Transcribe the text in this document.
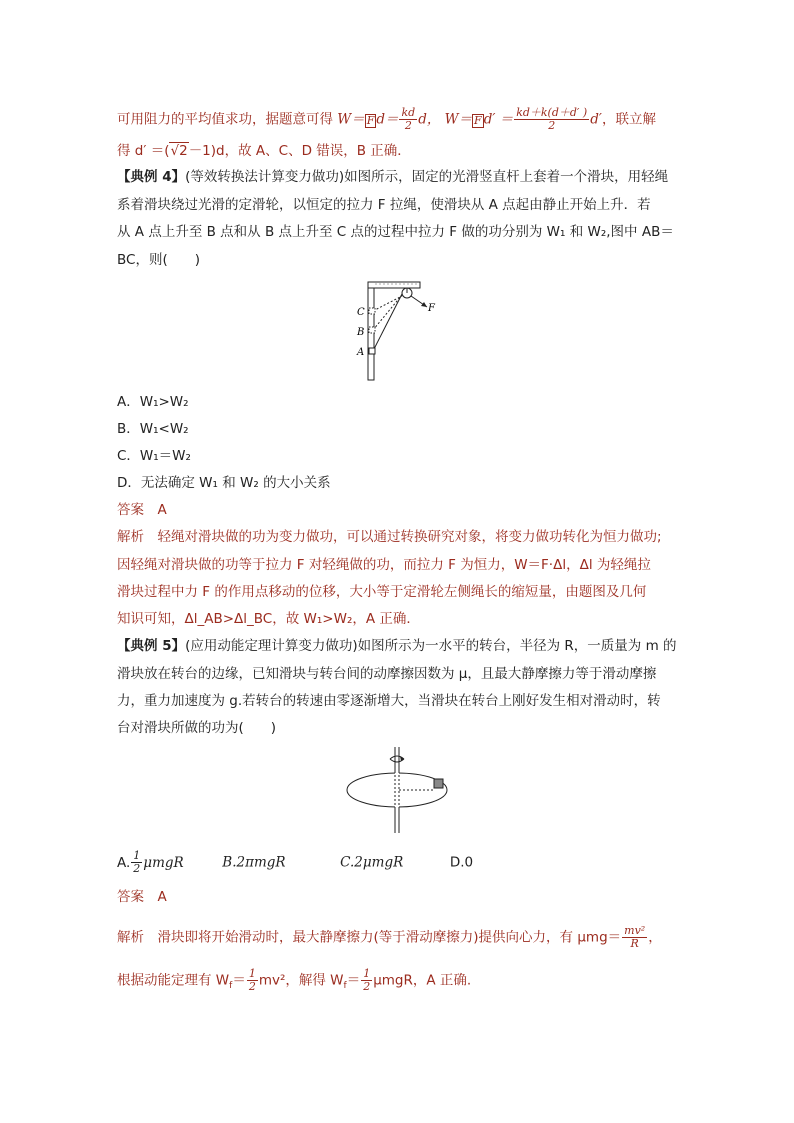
可用阻力的平均值求功，据题意可得 W＝ F $d= \frac{kd}{2}$ d， W＝ F $d' = \frac{kd+k(d+d' )}{2} d'$，联立解
得 d′ ＝(√2－1)d，故 A、C、D 错误，B 正确．
【典例 4】(等效转换法计算变力做功)如图所示，固定的光滑竖直杆上套着一个滑块，用轻绳
系着滑块绕过光滑的定滑轮，以恒定的拉力 F 拉绳，使滑块从 A 点起由静止开始上升．若
从 A 点上升至 B 点和从 B 点上升至 C 点的过程中拉力 F 做的功分别为 W₁ 和 W₂,图中 AB＝
BC，则(　　)
C
B
A
F
A．W₁>W₂
B．W₁<W₂
C．W₁＝W₂
D．无法确定 W₁ 和 W₂ 的大小关系
答案　 A
解析　 轻绳对滑块做的功为变力做功，可以通过转换研究对象，将变力做功转化为恒力做功;
因轻绳对滑块做的功等于拉力 F 对轻绳做的功，而拉力 F 为恒力，W＝F·Δl，Δl 为轻绳拉
滑块过程中力 F 的作用点移动的位移，大小等于定滑轮左侧绳长的缩短量，由题图及几何
知识可知，Δl_AB>Δl_BC，故 W₁>W₂，A 正确．
【典例 5】(应用动能定理计算变力做功)如图所示为一水平的转台，半径为 R，一质量为 m 的
滑块放在转台的边缘，已知滑块与转台间的动摩擦因数为 μ，且最大静摩擦力等于滑动摩擦
力，重力加速度为 g.若转台的转速由零逐渐增大，当滑块在转台上刚好发生相对滑动时，转
台对滑块所做的功为(　　)
A. $\frac{1}{2}$ μmgR	B.2πmgR	C.2μmgR	D.0
答案　 A
解析　 滑块即将开始滑动时，最大静摩擦力(等于滑动摩擦力)提供向心力，有 $\mu mg= \frac{\text{mv²}}{R}$ ，
根据动能定理有 $W_f= \frac{1}{2} mv^2$，解得 $W_f= \frac{1}{2}$ μmgR，A 正确.
